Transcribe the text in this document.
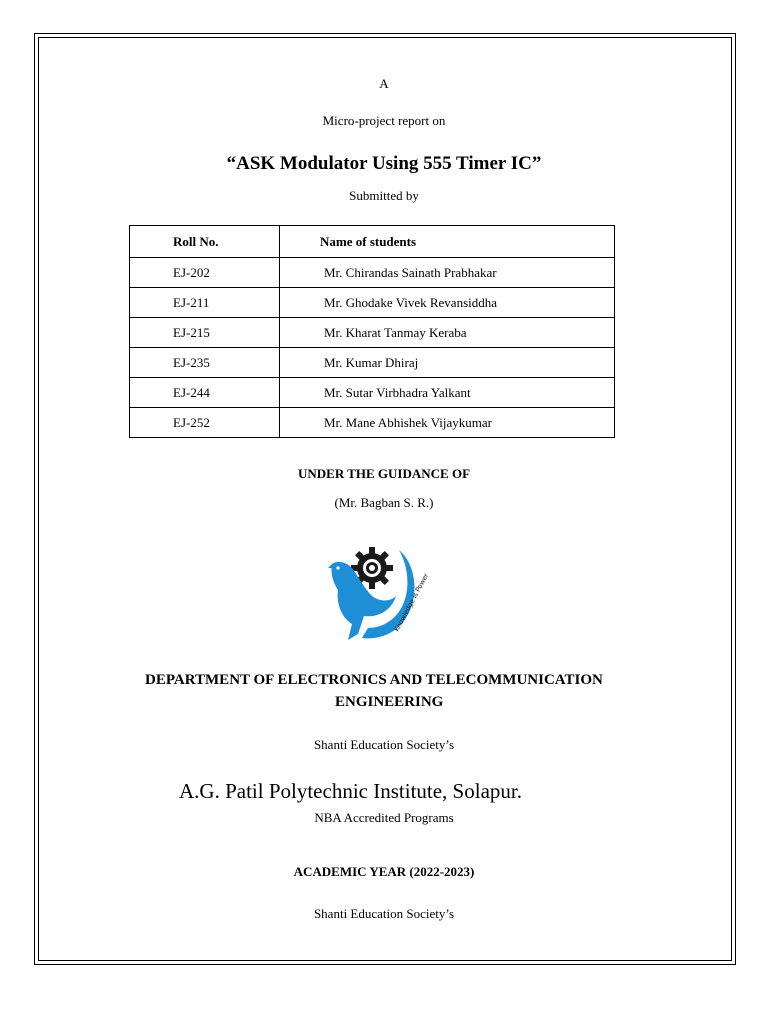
A
Micro-project report on
“ASK Modulator Using 555 Timer IC”
Submitted by
Roll No.	Name of students
EJ-202	Mr. Chirandas Sainath Prabhakar
EJ-211	Mr. Ghodake Vivek Revansiddha
EJ-215	Mr. Kharat Tanmay Keraba
EJ-235	Mr. Kumar Dhiraj
EJ-244	Mr. Sutar Virbhadra Yalkant
EJ-252	Mr. Mane Abhishek Vijaykumar
UNDER THE GUIDANCE OF
(Mr. Bagban S. R.)
Knowledge is Power
DEPARTMENT OF ELECTRONICS AND TELECOMMUNICATION
ENGINEERING
Shanti Education Society’s
A.G. Patil Polytechnic Institute, Solapur.
NBA Accredited Programs
ACADEMIC YEAR (2022-2023)
Shanti Education Society’s
